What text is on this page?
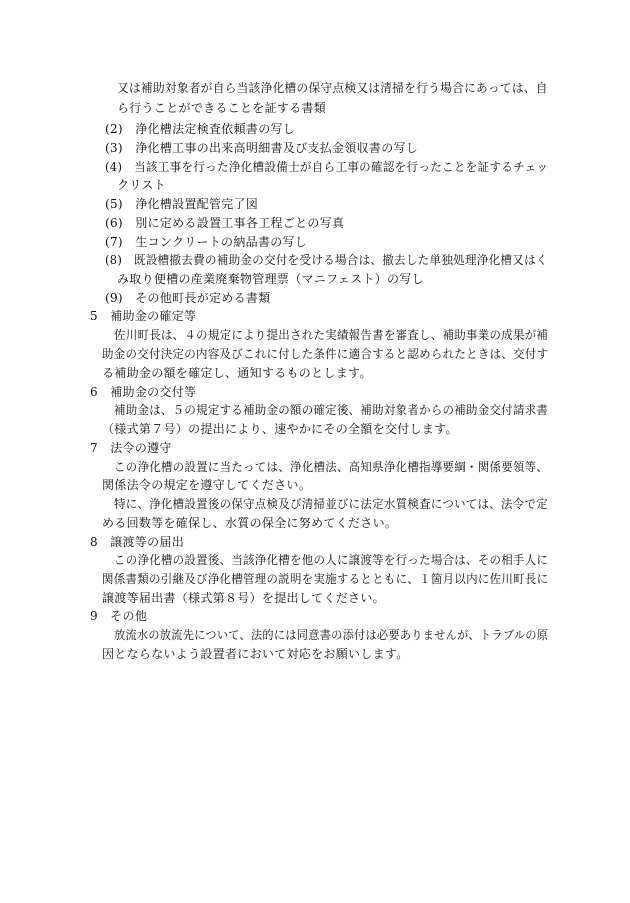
又は補助対象者が自ら当該浄化槽の保守点検又は清掃を行う場合にあっては、自
ら行うことができることを証する書類
(2)　浄化槽法定検査依頼書の写し
(3)　浄化槽工事の出来高明細書及び支払金領収書の写し
(4)　当該工事を行った浄化槽設備士が自ら工事の確認を行ったことを証するチェッ
クリスト
(5)　浄化槽設置配管完了図
(6)　別に定める設置工事各工程ごとの写真
(7)　生コンクリートの納品書の写し
(8)　既設槽撤去費の補助金の交付を受ける場合は、撤去した単独処理浄化槽又はく
み取り便槽の産業廃棄物管理票（マニフェスト）の写し
(9)　その他町長が定める書類
5　補助金の確定等
佐川町長は、４の規定により提出された実績報告書を審査し、補助事業の成果が補
助金の交付決定の内容及びこれに付した条件に適合すると認められたときは、交付す
る補助金の額を確定し、通知するものとします。
6　補助金の交付等
補助金は、５の規定する補助金の額の確定後、補助対象者からの補助金交付請求書
（様式第７号）の提出により、速やかにその全額を交付します。
7　法令の遵守
この浄化槽の設置に当たっては、浄化槽法、高知県浄化槽指導要綱・関係要領等、
関係法令の規定を遵守してください。
特に、浄化槽設置後の保守点検及び清掃並びに法定水質検査については、法令で定
める回数等を確保し、水質の保全に努めてください。
8　譲渡等の届出
この浄化槽の設置後、当該浄化槽を他の人に譲渡等を行った場合は、その相手人に
関係書類の引継及び浄化槽管理の説明を実施するとともに、１箇月以内に佐川町長に
譲渡等届出書（様式第８号）を提出してください。
9　その他
放流水の放流先について、法的には同意書の添付は必要ありませんが、トラブルの原
因とならないよう設置者において対応をお願いします。
